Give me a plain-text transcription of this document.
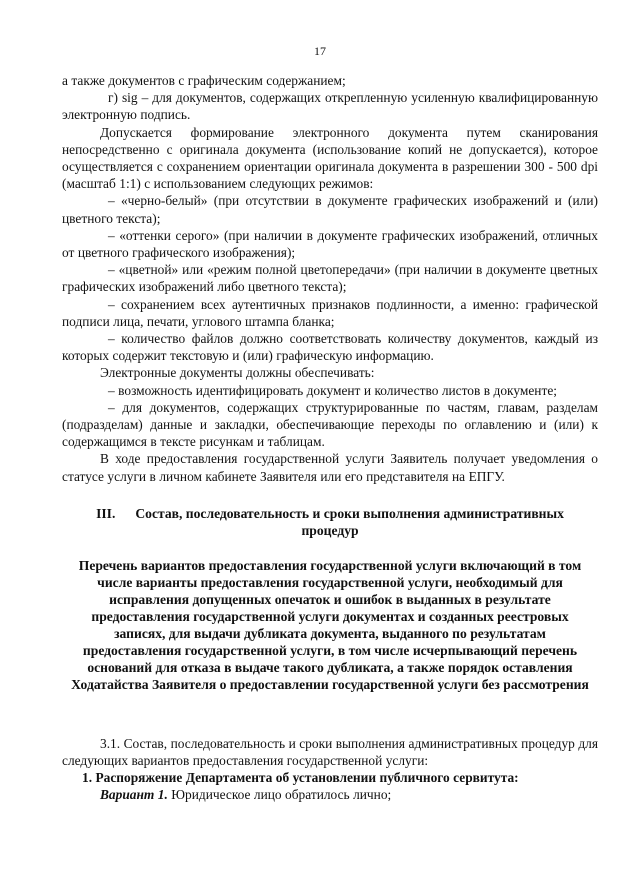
17

а также документов с графическим содержанием;

г) sig – для документов, содержащих открепленную усиленную квалифицированную электронную подпись.

Допускается формирование электронного документа путем сканирования непосредственно с оригинала документа (использование копий не допускается), которое осуществляется с сохранением ориентации оригинала документа в разрешении 300 - 500 dpi (масштаб 1:1) с использованием следующих режимов:

– «черно-белый» (при отсутствии в документе графических изображений и (или) цветного текста);

– «оттенки серого» (при наличии в документе графических изображений, отличных от цветного графического изображения);

– «цветной» или «режим полной цветопередачи» (при наличии в документе цветных графических изображений либо цветного текста);

– сохранением всех аутентичных признаков подлинности, а именно: графической подписи лица, печати, углового штампа бланка;

– количество файлов должно соответствовать количеству документов, каждый из которых содержит текстовую и (или) графическую информацию.

Электронные документы должны обеспечивать:

– возможность идентифицировать документ и количество листов в документе;

– для документов, содержащих структурированные по частям, главам, разделам (подразделам) данные и закладки, обеспечивающие переходы по оглавлению и (или) к содержащимся в тексте рисункам и таблицам.

В ходе предоставления государственной услуги Заявитель получает уведомления о статусе услуги в личном кабинете Заявителя или его представителя на ЕПГУ.

III. Состав, последовательность и сроки выполнения административных процедур
Перечень вариантов предоставления государственной услуги включающий в том числе варианты предоставления государственной услуги, необходимый для исправления допущенных опечаток и ошибок в выданных в результате предоставления государственной услуги документах и созданных реестровых записях, для выдачи дубликата документа, выданного по результатам предоставления государственной услуги, в том числе исчерпывающий перечень оснований для отказа в выдаче такого дубликата, а также порядок оставления Ходатайства Заявителя о предоставлении государственной услуги без рассмотрения

3.1. Состав, последовательность и сроки выполнения административных процедур для следующих вариантов предоставления государственной услуги:

1. Распоряжение Департамента об установлении публичного сервитута:

Вариант 1. Юридическое лицо обратилось лично;
